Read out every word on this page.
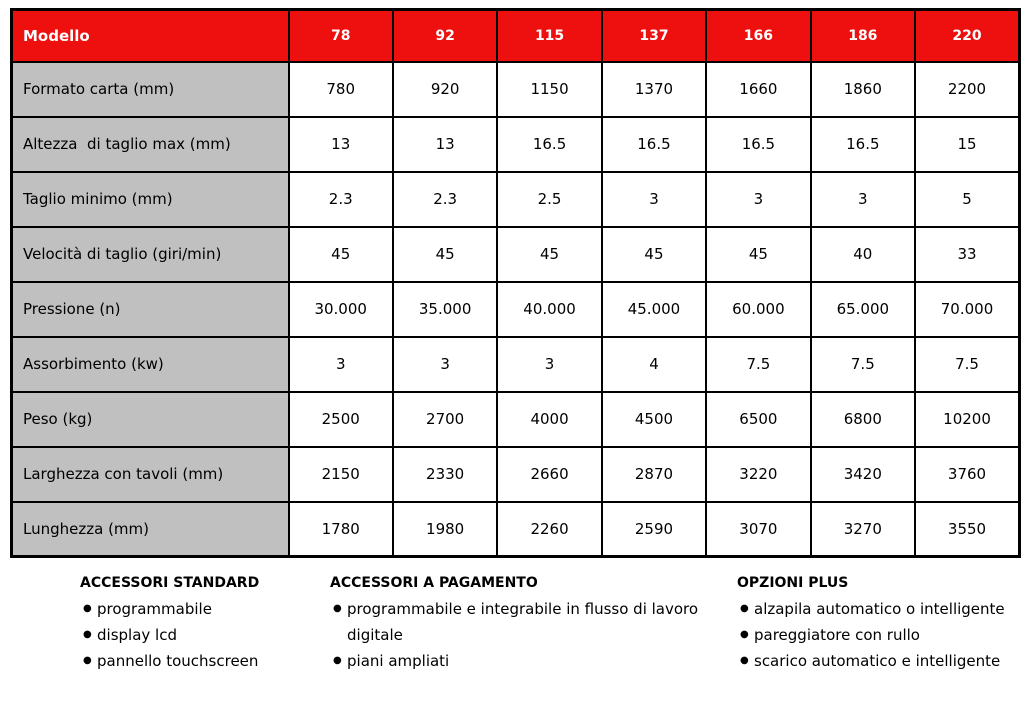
Modello	78	92	115	137	166	186	220
Formato carta (mm)	780	920	1150	1370	1660	1860	2200
Altezza  di taglio max (mm)	13	13	16.5	16.5	16.5	16.5	15
Taglio minimo (mm)	2.3	2.3	2.5	3	3	3	5
Velocità di taglio (giri/min)	45	45	45	45	45	40	33
Pressione (n)	30.000	35.000	40.000	45.000	60.000	65.000	70.000
Assorbimento (kw)	3	3	3	4	7.5	7.5	7.5
Peso (kg)	2500	2700	4000	4500	6500	6800	10200
Larghezza con tavoli (mm)	2150	2330	2660	2870	3220	3420	3760
Lunghezza (mm)	1780	1980	2260	2590	3070	3270	3550
ACCESSORI STANDARD
● programmabile
● display lcd
● pannello touchscreen
ACCESSORI A PAGAMENTO
● programmabile e integrabile in flusso di lavoro digitale
● piani ampliati
OPZIONI PLUS
● alzapila automatico o intelligente
● pareggiatore con rullo
● scarico automatico e intelligente
